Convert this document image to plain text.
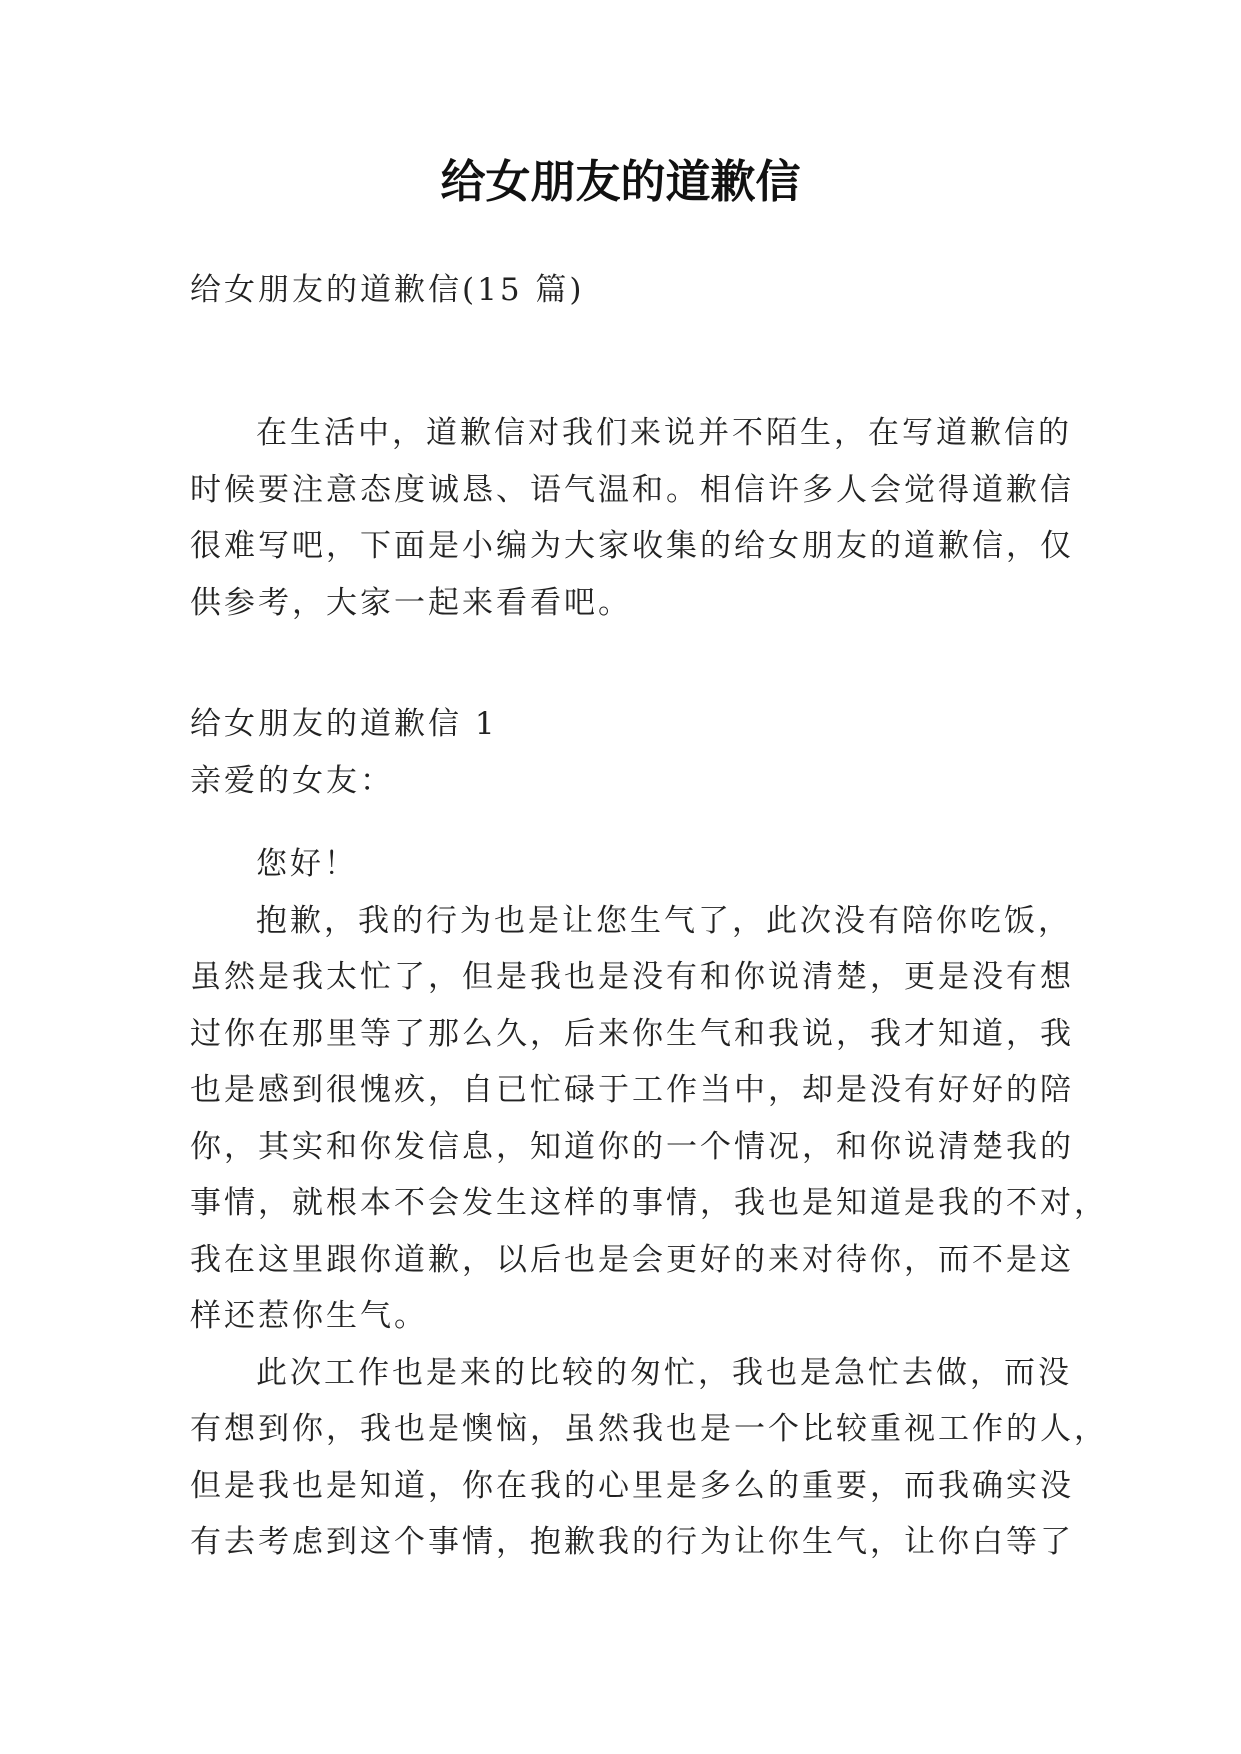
给女朋友的道歉信

给女朋友的道歉信(15 篇)

在生活中，道歉信对我们来说并不陌生，在写道歉信的
时候要注意态度诚恳、语气温和。相信许多人会觉得道歉信
很难写吧，下面是小编为大家收集的给女朋友的道歉信，仅
供参考，大家一起来看看吧。
给女朋友的道歉信 1
亲爱的女友：
您好！
抱歉，我的行为也是让您生气了，此次没有陪你吃饭，
虽然是我太忙了，但是我也是没有和你说清楚，更是没有想
过你在那里等了那么久，后来你生气和我说，我才知道，我
也是感到很愧疚，自已忙碌于工作当中，却是没有好好的陪
你，其实和你发信息，知道你的一个情况，和你说清楚我的
事情，就根本不会发生这样的事情，我也是知道是我的不对，
我在这里跟你道歉，以后也是会更好的来对待你，而不是这
样还惹你生气。
此次工作也是来的比较的匆忙，我也是急忙去做，而没
有想到你，我也是懊恼，虽然我也是一个比较重视工作的人，
但是我也是知道，你在我的心里是多么的重要，而我确实没
有去考虑到这个事情，抱歉我的行为让你生气，让你白等了
